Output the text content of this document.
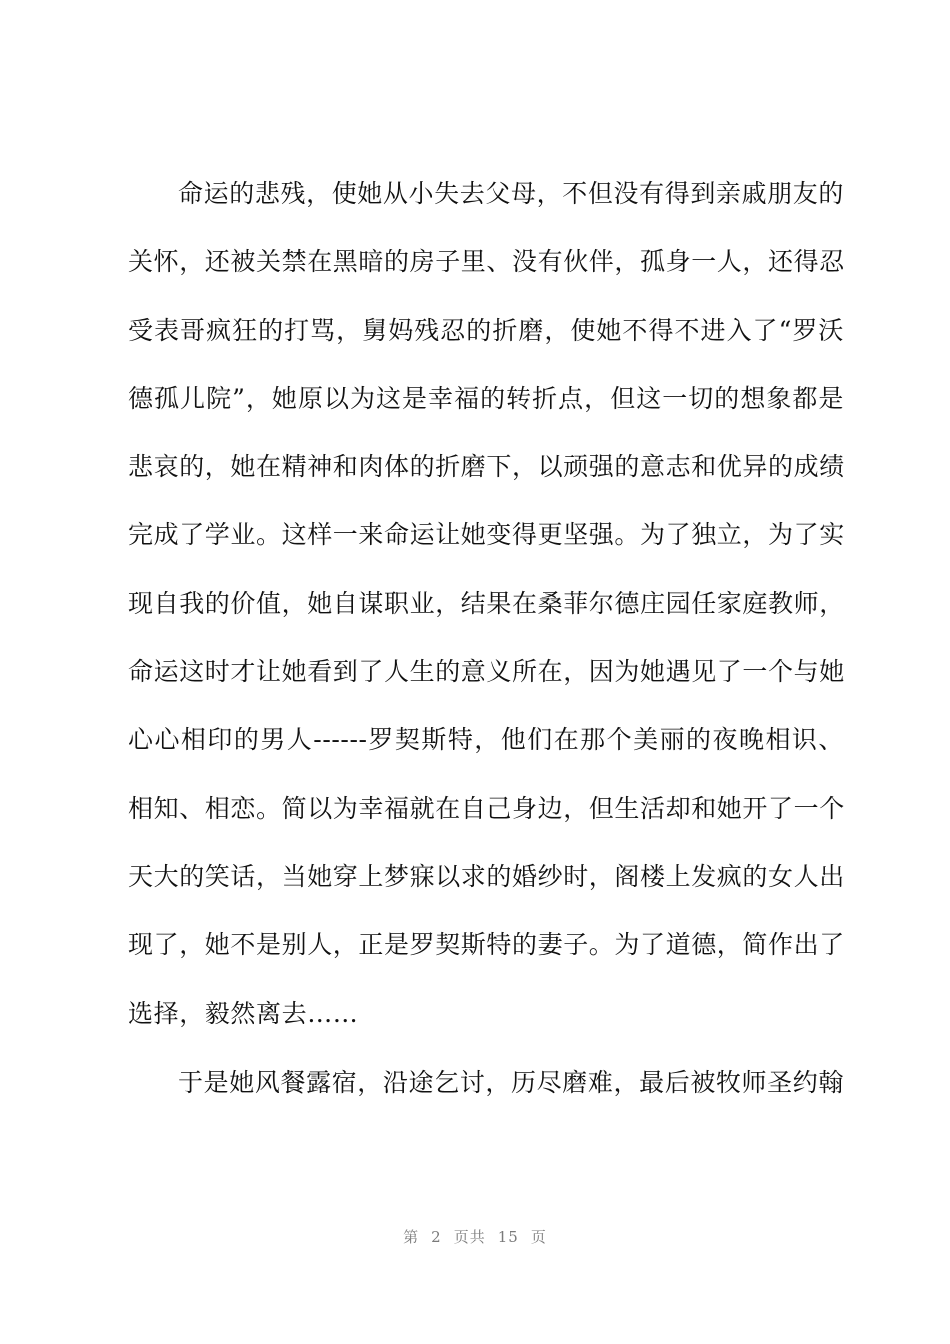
命运的悲残，使她从小失去父母，不但没有得到亲戚朋友的
关怀，还被关禁在黑暗的房子里、没有伙伴，孤身一人，还得忍
受表哥疯狂的打骂，舅妈残忍的折磨，使她不得不进入了“罗沃
德孤儿院”，她原以为这是幸福的转折点，但这一切的想象都是
悲哀的，她在精神和肉体的折磨下，以顽强的意志和优异的成绩
完成了学业。这样一来命运让她变得更坚强。为了独立，为了实
现自我的价值，她自谋职业，结果在桑菲尔德庄园任家庭教师，
命运这时才让她看到了人生的意义所在，因为她遇见了一个与她
心心相印的男人------罗契斯特，他们在那个美丽的夜晚相识、
相知、相恋。简以为幸福就在自己身边，但生活却和她开了一个
天大的笑话，当她穿上梦寐以求的婚纱时，阁楼上发疯的女人出
现了，她不是别人，正是罗契斯特的妻子。为了道德，简作出了
选择，毅然离去……
于是她风餐露宿，沿途乞讨，历尽磨难，最后被牧师圣约翰
第 2 页共 15 页
